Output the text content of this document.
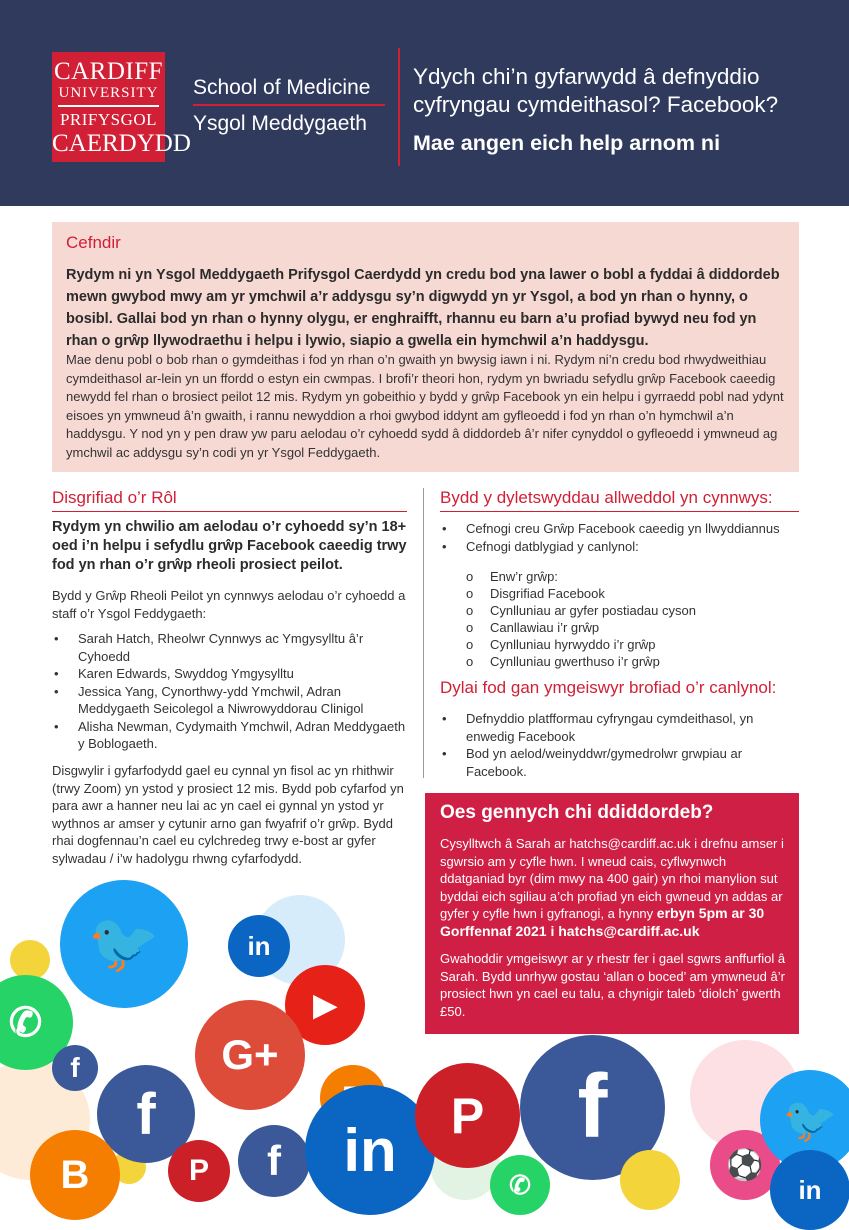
CARDIFF
UNIVERSITY
PRIFYSGOL
CAERDYDD
School of Medicine
Ysgol Meddygaeth
Ydych chi’n gyfarwydd â defnyddio cyfryngau cymdeithasol? Facebook?
Mae angen eich help arnom ni
Cefndir
Rydym ni yn Ysgol Meddygaeth Prifysgol Caerdydd yn credu bod yna lawer o bobl a fyddai â diddordeb mewn gwybod mwy am yr ymchwil a’r addysgu sy’n digwydd yn yr Ysgol, a bod yn rhan o hynny, o bosibl. Gallai bod yn rhan o hynny olygu, er enghraifft, rhannu eu barn a’u profiad bywyd neu fod yn rhan o grŵp llywodraethu i helpu i lywio, siapio a gwella ein hymchwil a’n haddysgu.
Mae denu pobl o bob rhan o gymdeithas i fod yn rhan o’n gwaith yn bwysig iawn i ni. Rydym ni’n credu bod rhwydweithiau cymdeithasol ar-lein yn un ffordd o estyn ein cwmpas. I brofi’r theori hon, rydym yn bwriadu sefydlu grŵp Facebook caeedig newydd fel rhan o brosiect peilot 12 mis. Rydym yn gobeithio y bydd y grŵp Facebook yn ein helpu i gyrraedd pobl nad ydynt eisoes yn ymwneud â’n gwaith, i rannu newyddion a rhoi gwybod iddynt am gyfleoedd i fod yn rhan o’n hymchwil a’n haddysgu. Y nod yn y pen draw yw paru aelodau o’r cyhoedd sydd â diddordeb â’r nifer cynyddol o gyfleoedd i ymwneud ag ymchwil ac addysgu sy’n codi yn yr Ysgol Feddygaeth.
Disgrifiad o’r Rôl
Rydym yn chwilio am aelodau o’r cyhoedd sy’n 18+ oed i’n helpu i sefydlu grŵp Facebook caeedig trwy fod yn rhan o’r grŵp rheoli prosiect peilot.
Bydd y Grŵp Rheoli Peilot yn cynnwys aelodau o’r cyhoedd a staff o’r Ysgol Feddygaeth:
• Sarah Hatch, Rheolwr Cynnwys ac Ymgysylltu â’r Cyhoedd
• Karen Edwards, Swyddog Ymgysylltu
• Jessica Yang, Cynorthwy-ydd Ymchwil, Adran Meddygaeth Seicolegol a Niwrowyddorau Clinigol
• Alisha Newman, Cydymaith Ymchwil, Adran Meddygaeth y Boblogaeth.
Disgwylir i gyfarfodydd gael eu cynnal yn fisol ac yn rhithwir (trwy Zoom) yn ystod y prosiect 12 mis. Bydd pob cyfarfod yn para awr a hanner neu lai ac yn cael ei gynnal yn ystod yr wythnos ar amser y cytunir arno gan fwyafrif o’r grŵp. Bydd rhai dogfennau’n cael eu cylchredeg trwy e-bost ar gyfer sylwadau / i’w hadolygu rhwng cyfarfodydd.
Bydd y dyletswyddau allweddol yn cynnwys:
• Cefnogi creu Grŵp Facebook caeedig yn llwyddiannus
• Cefnogi datblygiad y canlynol:
o Enw’r grŵp:
o Disgrifiad Facebook
o Cynlluniau ar gyfer postiadau cyson
o Canllawiau i’r grŵp
o Cynlluniau hyrwyddo i’r grŵp
o Cynlluniau gwerthuso i’r grŵp
Dylai fod gan ymgeiswyr brofiad o’r canlynol:
• Defnyddio platfformau cyfryngau cymdeithasol, yn enwedig Facebook
• Bod yn aelod/weinyddwr/gymedrolwr grwpiau ar Facebook.
Oes gennych chi ddiddordeb?
Cysylltwch â Sarah ar hatchs@cardiff.ac.uk i drefnu amser i sgwrsio am y cyfle hwn. I wneud cais, cyflwynwch ddatganiad byr (dim mwy na 400 gair) yn rhoi manylion sut byddai eich sgiliau a’ch profiad yn eich gwneud yn addas ar gyfer y cyfle hwn i gyfranogi, a hynny erbyn 5pm ar 30 Gorffennaf 2021 i hatchs@cardiff.ac.uk
Gwahoddir ymgeiswyr ar y rhestr fer i gael sgwrs anffurfiol â Sarah. Bydd unrhyw gostau ‘allan o boced’ am ymwneud â’r prosiect hwn yn cael eu talu, a chynigir taleb ‘diolch’ gwerth £50.
🐦	in
▶
G+
✆
f
f
B	P f in
P
✆
f
⚽
🐦
in
